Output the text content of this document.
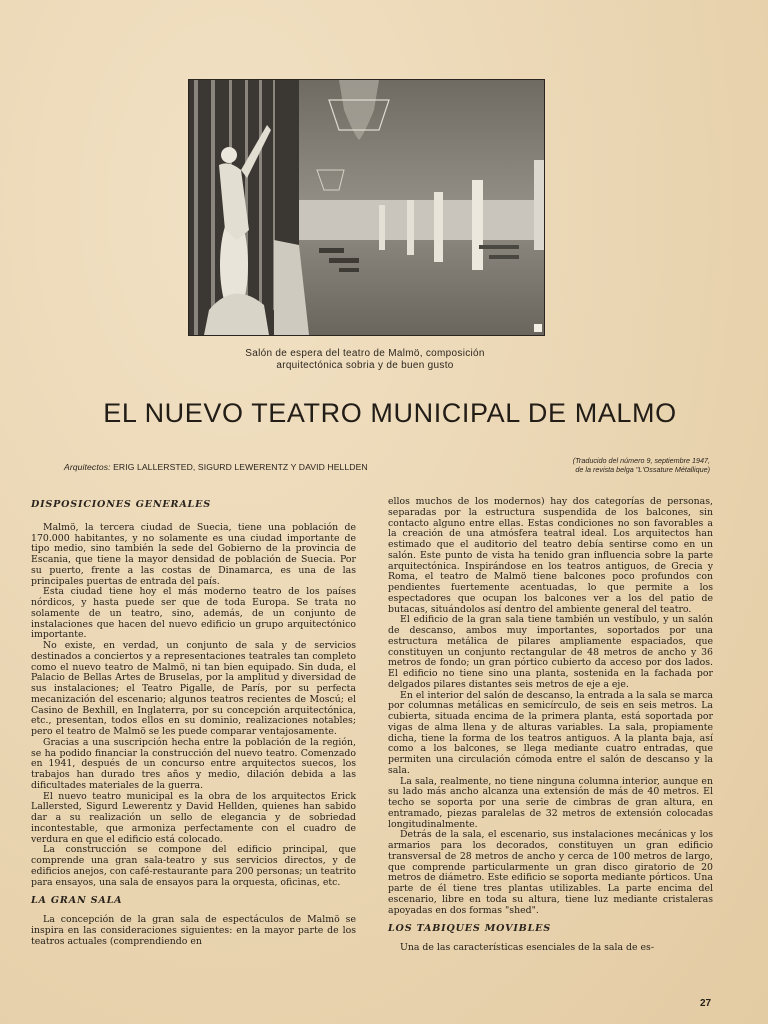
Salón de espera del teatro de Malmö, composición
arquitectónica sobria y de buen gusto
EL NUEVO TEATRO MUNICIPAL DE MALMO
Arquitectos: ERIG LALLERSTED, SIGURD LEWERENTZ Y DAVID HELLDEN
(Traducido del número 9, septiembre 1947,
de la revista belga "L'Ossature Métallique)
DISPOSICIONES GENERALES

Malmö, la tercera ciudad de Suecia, tiene una población de 170.000 habitantes, y no solamente es una ciudad importante de tipo medio, sino también la sede del Gobierno de la provincia de Escania, que tiene la mayor densidad de población de Suecia. Por su puerto, frente a las costas de Dinamarca, es una de las principales puertas de entrada del país.

Esta ciudad tiene hoy el más moderno teatro de los países nórdicos, y hasta puede ser que de toda Europa. Se trata no solamente de un teatro, sino, además, de un conjunto de instalaciones que hacen del nuevo edificio un grupo arquitectónico importante.

No existe, en verdad, un conjunto de sala y de servicios destinados a conciertos y a representaciones teatrales tan completo como el nuevo teatro de Malmö, ni tan bien equipado. Sin duda, el Palacio de Bellas Artes de Bruselas, por la amplitud y diversidad de sus instalaciones; el Teatro Pigalle, de París, por su perfecta mecanización del escenario; algunos teatros recientes de Moscú; el Casino de Bexhill, en Inglaterra, por su concepción arquitectónica, etc., presentan, todos ellos en su dominio, realizaciones notables; pero el teatro de Malmö se les puede comparar ventajosamente.

Gracias a una suscripción hecha entre la población de la región, se ha podido financiar la construcción del nuevo teatro. Comenzado en 1941, después de un concurso entre arquitectos suecos, los trabajos han durado tres años y medio, dilación debida a las dificultades materiales de la guerra.

El nuevo teatro municipal es la obra de los arquitectos Erick Lallersted, Sigurd Lewerentz y David Hellden, quienes han sabido dar a su realización un sello de elegancia y de sobriedad incontestable, que armoniza perfectamente con el cuadro de verdura en que el edificio está colocado.

La construcción se compone del edificio principal, que comprende una gran sala-teatro y sus servicios directos, y de edificios anejos, con café-restaurante para 200 personas; un teatrito para ensayos, una sala de ensayos para la orquesta, oficinas, etc.

LA GRAN SALA

La concepción de la gran sala de espectáculos de Malmö se inspira en las consideraciones siguientes: en la mayor parte de los teatros actuales (comprendiendo en

ellos muchos de los modernos) hay dos categorías de personas, separadas por la estructura suspendida de los balcones, sin contacto alguno entre ellas. Estas condiciones no son favorables a la creación de una atmósfera teatral ideal. Los arquitectos han estimado que el auditorio del teatro debía sentirse como en un salón. Este punto de vista ha tenido gran influencia sobre la parte arquitectónica. Inspirándose en los teatros antiguos, de Grecia y Roma, el teatro de Malmö tiene balcones poco profundos con pendientes fuertemente acentuadas, lo que permite a los espectadores que ocupan los balcones ver a los del patio de butacas, situándolos así dentro del ambiente general del teatro.

El edificio de la gran sala tiene también un vestíbulo, y un salón de descanso, ambos muy importantes, soportados por una estructura metálica de pilares ampliamente espaciados, que constituyen un conjunto rectangular de 48 metros de ancho y 36 metros de fondo; un gran pórtico cubierto da acceso por dos lados. El edificio no tiene sino una planta, sostenida en la fachada por delgados pilares distantes seis metros de eje a eje.

En el interior del salón de descanso, la entrada a la sala se marca por columnas metálicas en semicírculo, de seis en seis metros. La cubierta, situada encima de la primera planta, está soportada por vigas de alma llena y de alturas variables. La sala, propiamente dicha, tiene la forma de los teatros antiguos. A la planta baja, así como a los balcones, se llega mediante cuatro entradas, que permiten una circulación cómoda entre el salón de descanso y la sala.

La sala, realmente, no tiene ninguna columna interior, aunque en su lado más ancho alcanza una extensión de más de 40 metros. El techo se soporta por una serie de cimbras de gran altura, en entramado, piezas paralelas de 32 metros de extensión colocadas longitudinalmente.

Detrás de la sala, el escenario, sus instalaciones mecánicas y los armarios para los decorados, constituyen un gran edificio transversal de 28 metros de ancho y cerca de 100 metros de largo, que comprende particularmente un gran disco giratorio de 20 metros de diámetro. Este edificio se soporta mediante pórticos. Una parte de él tiene tres plantas utilizables. La parte encima del escenario, libre en toda su altura, tiene luz mediante cristaleras apoyadas en dos formas "shed".

LOS TABIQUES MOVIBLES

Una de las características esenciales de la sala de es-

27
